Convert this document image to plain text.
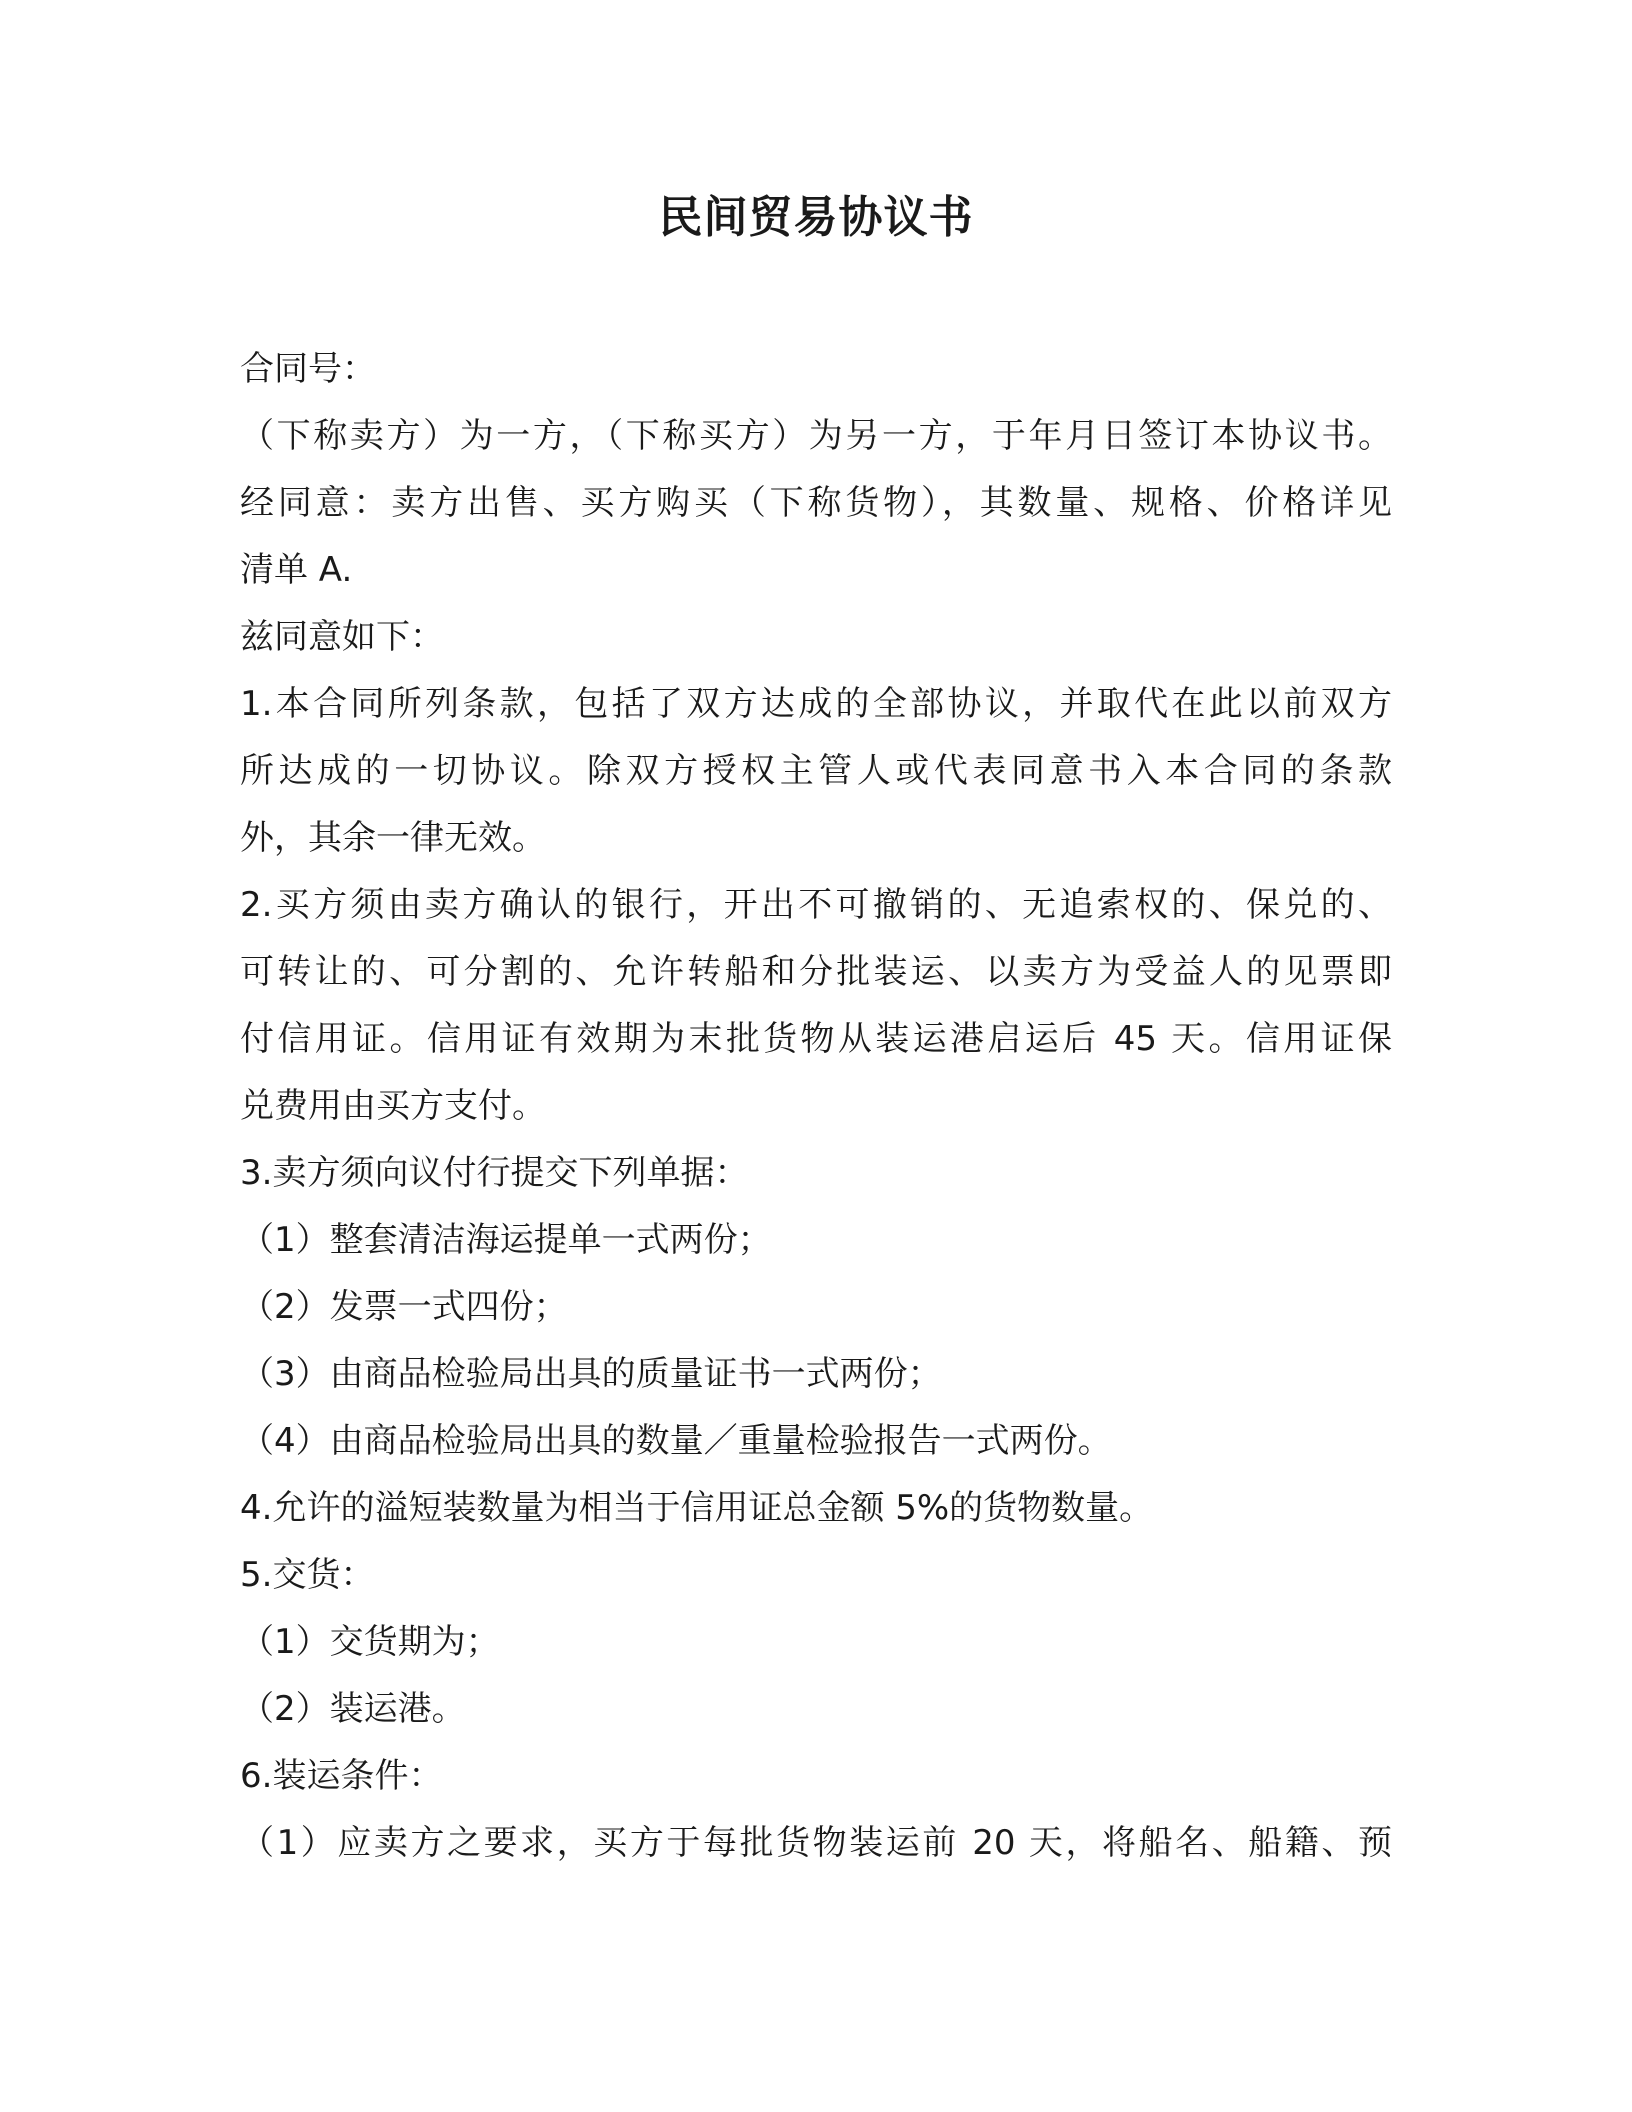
民间贸易协议书
合同号：
（下称卖方）为一方，（下称买方）为另一方，于年月日签订本协议书。
经同意：卖方出售、买方购买（下称货物），其数量、规格、价格详见
清单 A.
兹同意如下：
1.本合同所列条款，包括了双方达成的全部协议，并取代在此以前双方
所达成的一切协议。除双方授权主管人或代表同意书入本合同的条款
外，其余一律无效。
2.买方须由卖方确认的银行，开出不可撤销的、无追索权的、保兑的、
可转让的、可分割的、允许转船和分批装运、以卖方为受益人的见票即
付信用证。信用证有效期为末批货物从装运港启运后 45 天。信用证保
兑费用由买方支付。
3.卖方须向议付行提交下列单据：
（1）整套清洁海运提单一式两份；
（2）发票一式四份；
（3）由商品检验局出具的质量证书一式两份；
（4）由商品检验局出具的数量／重量检验报告一式两份。
4.允许的溢短装数量为相当于信用证总金额 5%的货物数量。
5.交货：
（1）交货期为；
（2）装运港。
6.装运条件：
（1）应卖方之要求，买方于每批货物装运前 20 天，将船名、船籍、预
